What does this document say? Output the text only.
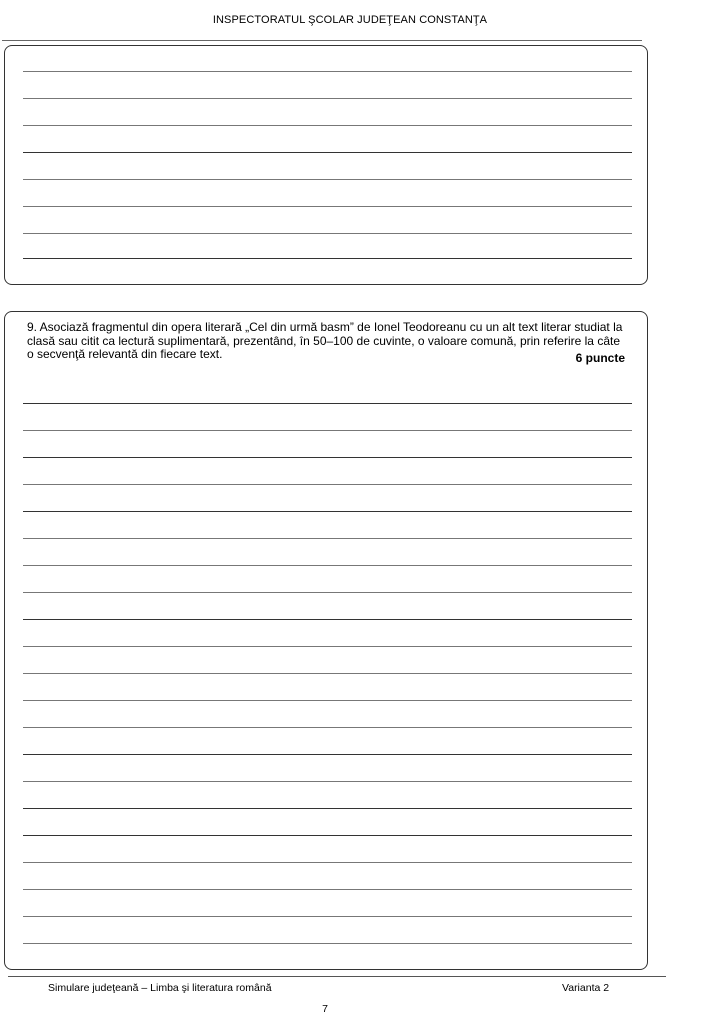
INSPECTORATUL ŞCOLAR JUDEŢEAN CONSTANŢA
9. Asociază fragmentul din opera literară „Cel din urmă basm” de Ionel Teodoreanu cu un alt text literar studiat la clasă sau citit ca lectură suplimentară, prezentând, în 50–100 de cuvinte, o valoare comună, prin referire la câte o secvenţă relevantă din fiecare text.	6 puncte
Simulare judeţeană – Limba şi literatura română	Varianta 2
7
